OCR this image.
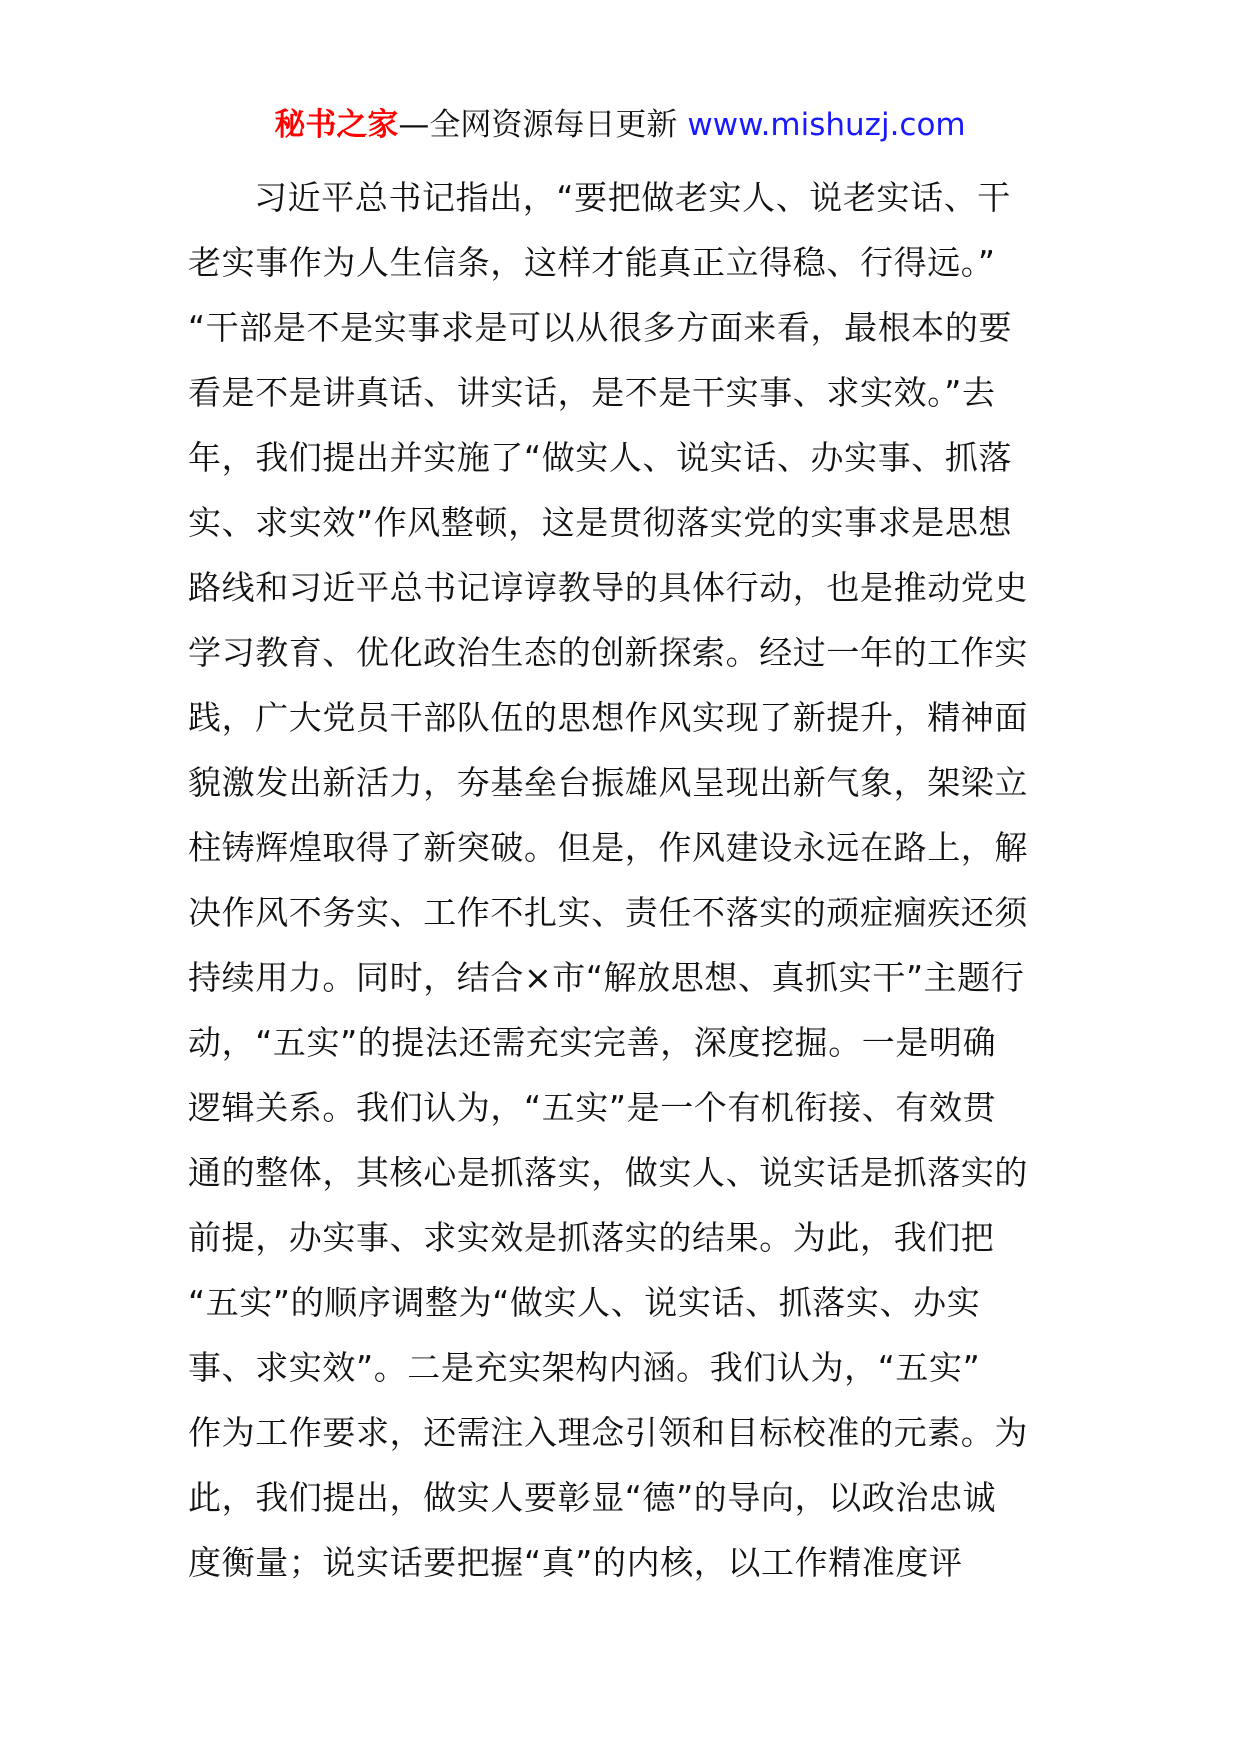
秘书之家—全网资源每日更新 www.mishuzj.com
习近平总书记指出，“要把做老实人、说老实话、干
老实事作为人生信条，这样才能真正立得稳、行得远。”
“干部是不是实事求是可以从很多方面来看，最根本的要
看是不是讲真话、讲实话，是不是干实事、求实效。”去
年，我们提出并实施了“做实人、说实话、办实事、抓落
实、求实效”作风整顿，这是贯彻落实党的实事求是思想
路线和习近平总书记谆谆教导的具体行动，也是推动党史
学习教育、优化政治生态的创新探索。经过一年的工作实
践，广大党员干部队伍的思想作风实现了新提升，精神面
貌激发出新活力，夯基垒台振雄风呈现出新气象，架梁立
柱铸辉煌取得了新突破。但是，作风建设永远在路上，解
决作风不务实、工作不扎实、责任不落实的顽症痼疾还须
持续用力。同时，结合×市“解放思想、真抓实干”主题行
动，“五实”的提法还需充实完善，深度挖掘。一是明确
逻辑关系。我们认为，“五实”是一个有机衔接、有效贯
通的整体，其核心是抓落实，做实人、说实话是抓落实的
前提，办实事、求实效是抓落实的结果。为此，我们把
“五实”的顺序调整为“做实人、说实话、抓落实、办实
事、求实效”。二是充实架构内涵。我们认为，“五实”
作为工作要求，还需注入理念引领和目标校准的元素。为
此，我们提出，做实人要彰显“德”的导向，以政治忠诚
度衡量；说实话要把握“真”的内核，以工作精准度评
